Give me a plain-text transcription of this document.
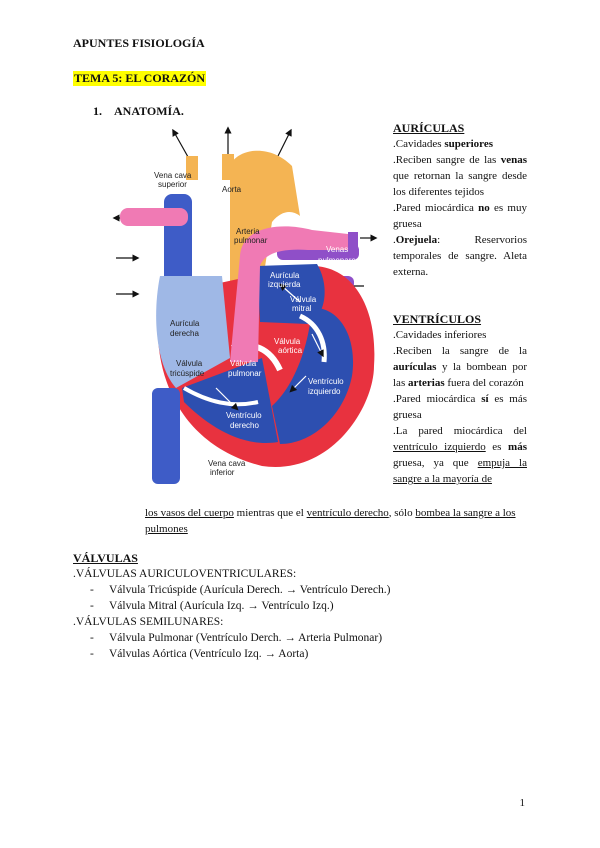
APUNTES FISIOLOGÍA
TEMA 5: EL CORAZÓN
1. ANATOMÍA.
Vena cava
superior
Aorta
Arteria
pulmonar
Venas
pulmonares
Aurícula
izquierda
Válvula
mitral
Aurícula
derecha
Válvula
aórtica
Válvula
tricúspide
Válvula
pulmonar
Ventrículo
izquierdo
Ventrículo
derecho
Vena cava
inferior
AURÍCULAS

.Cavidades superiores

.Reciben sangre de las venas que retornan la sangre desde los diferentes tejidos

.Pared miocárdica no es muy gruesa

.Orejuela: Reservorios temporales de sangre. Aleta externa.

VENTRÍCULOS

.Cavidades inferiores

.Reciben la sangre de la aurículas y la bombean por las arterias fuera del corazón

.Pared miocárdica sí es más gruesa

.La pared miocárdica del ventrículo izquierdo es más gruesa, ya que empuja la sangre a la mayoría de

los vasos del cuerpo mientras que el ventrículo derecho, sólo bombea la sangre a los pulmones
VÁLVULAS
.VÁLVULAS AURICULOVENTRICULARES:
- Válvula Tricúspide (Aurícula Derech. → Ventrículo Derech.)
- Válvula Mitral (Aurícula Izq. → Ventrículo Izq.)
.VÁLVULAS SEMILUNARES:
- Válvula Pulmonar (Ventrículo Derch. → Arteria Pulmonar)
- Válvulas Aórtica (Ventrículo Izq. → Aorta)
1
